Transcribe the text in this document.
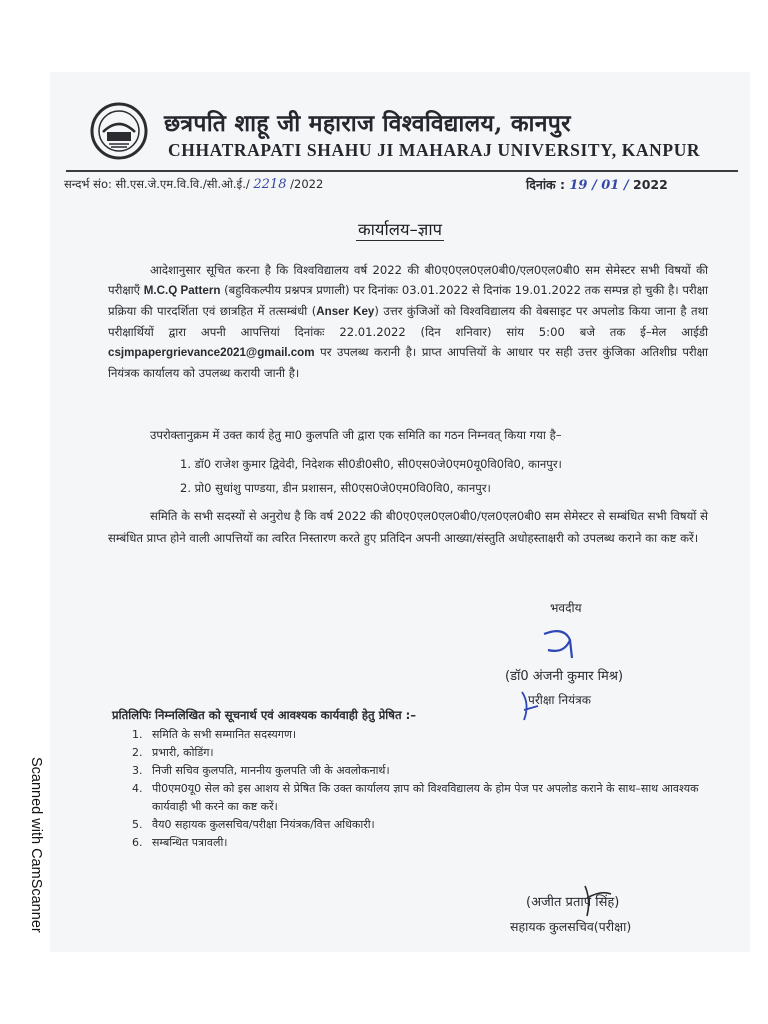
Scanned with CamScanner
छत्रपति शाहू जी महाराज विश्वविद्यालय, कानपुर
CHHATRAPATI SHAHU JI MAHARAJ UNIVERSITY, KANPUR
सन्दर्भ संo: सी.एस.जे.एम.वि.वि./सी.ओ.ई./ 2218 /2022	दिनांक : 19 / 01 / 2022
कार्यालय–ज्ञाप

आदेशानुसार सूचित करना है कि विश्वविद्यालय वर्ष 2022 की बी0ए0एल0एल0बी0/एल0एल0बी0 सम सेमेस्टर सभी विषयों की परीक्षाएँ M.C.Q Pattern (बहुविकल्पीय प्रश्नपत्र प्रणाली) पर दिनांकः 03.01.2022 से दिनांक 19.01.2022 तक सम्पन्न हो चुकी है। परीक्षा प्रक्रिया की पारदर्शिता एवं छात्रहित में तत्सम्बंधी (Anser Key) उत्तर कुंजिओं को विश्वविद्यालय की वेबसाइट पर अपलोड किया जाना है तथा परीक्षार्थियों द्वारा अपनी आपत्तियां दिनांकः 22.01.2022 (दिन शनिवार) सांय 5:00 बजे तक ई–मेल आईडी csjmpapergrievance2021@gmail.com पर उपलब्ध करानी है। प्राप्त आपत्तियों के आधार पर सही उत्तर कुंजिका अतिशीघ्र परीक्षा नियंत्रक कार्यालय को उपलब्ध करायी जानी है।

उपरोक्तानुक्रम में उक्त कार्य हेतु मा0 कुलपति जी द्वारा एक समिति का गठन निम्नवत् किया गया है–
1. डॉ0 राजेश कुमार द्विवेदी, निदेशक सी0डी0सी0, सी0एस0जे0एम0यू0वि0वि0, कानपुर।
2. प्रो0 सुधांशु पाण्डया, डीन प्रशासन, सी0एस0जे0एम0वि0वि0, कानपुर।

समिति के सभी सदस्यों से अनुरोध है कि वर्ष 2022 की बी0ए0एल0एल0बी0/एल0एल0बी0 सम सेमेस्टर से सम्बंधित सभी विषयों से सम्बंधित प्राप्त होने वाली आपत्तियों का त्वरित निस्तारण करते हुए प्रतिदिन अपनी आख्या/संस्तुति अधोहस्ताक्षरी को उपलब्ध कराने का कष्ट करें।

भवदीय
(डॉ0 अंजनी कुमार मिश्र)
परीक्षा नियंत्रक
प्रतिलिपिः निम्नलिखित को सूचनार्थ एवं आवश्यक कार्यवाही हेतु प्रेषित :–
1. समिति के सभी सम्मानित सदस्यगण।
2. प्रभारी, कोडिंग।
3. निजी सचिव कुलपति, माननीय कुलपति जी के अवलोकनार्थ।
4. पी0एम0यू0 सेल को इस आशय से प्रेषित कि उक्त कार्यालय ज्ञाप को विश्वविद्यालय के होम पेज पर अपलोड कराने के साथ–साथ आवश्यक कार्यवाही भी करने का कष्ट करें।
5. वैय0 सहायक कुलसचिव/परीक्षा नियंत्रक/वित्त अधिकारी।
6. सम्बन्धित पत्रावली।
(अजीत प्रताप सिंह)
सहायक कुलसचिव(परीक्षा)
